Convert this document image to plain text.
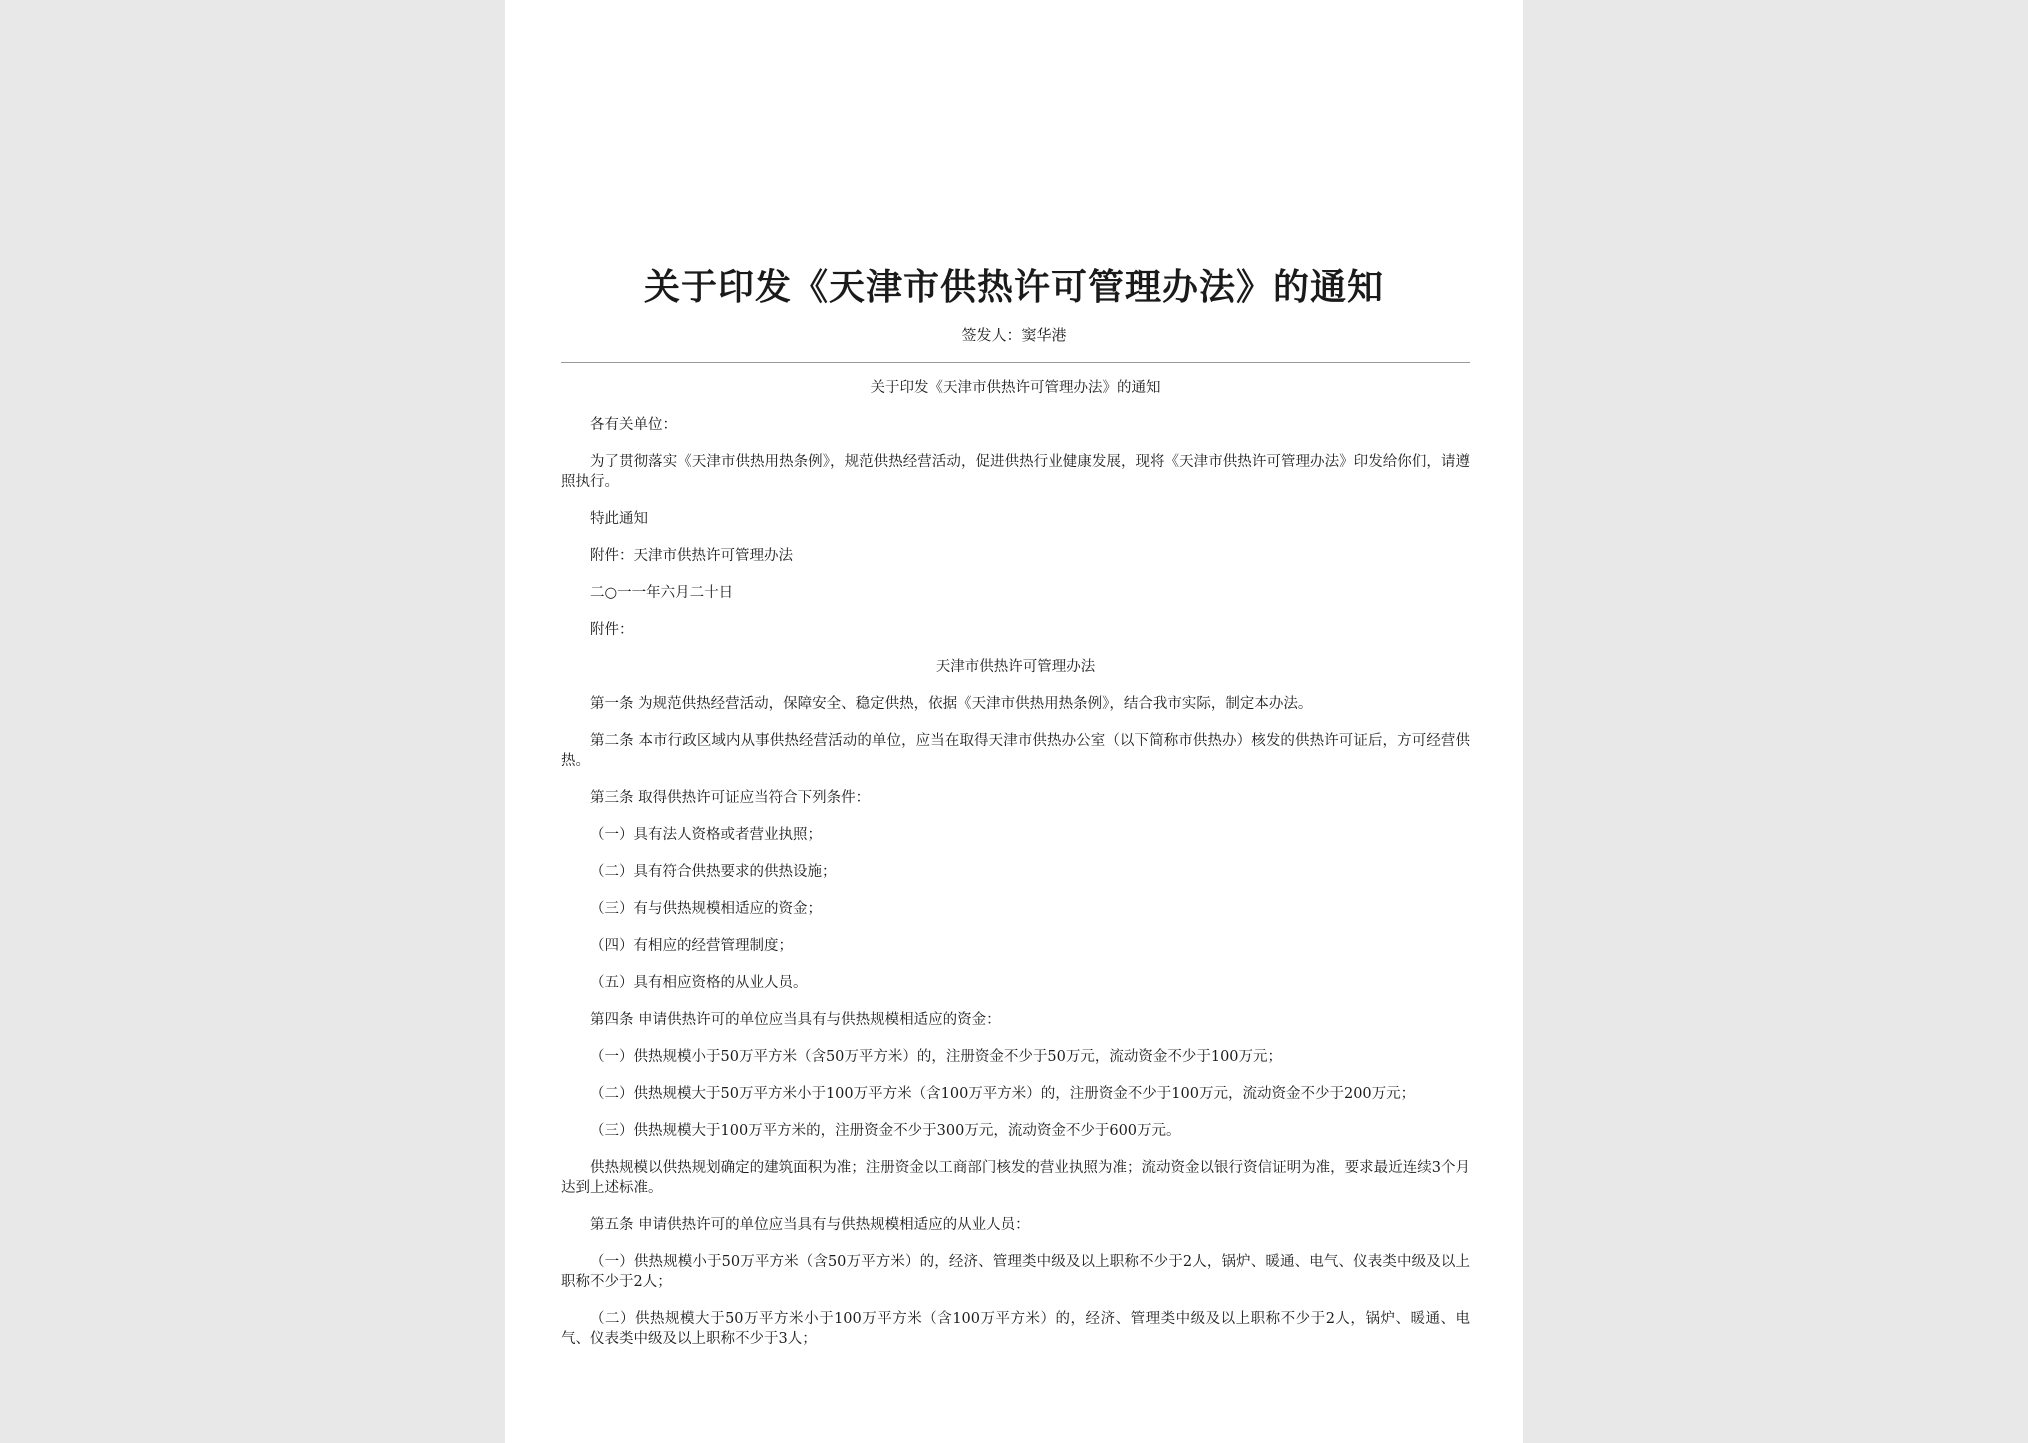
关于印发《天津市供热许可管理办法》的通知
签发人：窦华港

关于印发《天津市供热许可管理办法》的通知

各有关单位：

为了贯彻落实《天津市供热用热条例》，规范供热经营活动，促进供热行业健康发展，现将《天津市供热许可管理办法》印发给你们，请遵照执行。

特此通知

附件：天津市供热许可管理办法

二○一一年六月二十日

附件：

天津市供热许可管理办法

第一条 为规范供热经营活动，保障安全、稳定供热，依据《天津市供热用热条例》，结合我市实际，制定本办法。

第二条 本市行政区域内从事供热经营活动的单位，应当在取得天津市供热办公室（以下简称市供热办）核发的供热许可证后，方可经营供热。

第三条 取得供热许可证应当符合下列条件：

（一）具有法人资格或者营业执照；

（二）具有符合供热要求的供热设施；

（三）有与供热规模相适应的资金；

（四）有相应的经营管理制度；

（五）具有相应资格的从业人员。

第四条 申请供热许可的单位应当具有与供热规模相适应的资金：

（一）供热规模小于50万平方米（含50万平方米）的，注册资金不少于50万元，流动资金不少于100万元；

（二）供热规模大于50万平方米小于100万平方米（含100万平方米）的，注册资金不少于100万元，流动资金不少于200万元；

（三）供热规模大于100万平方米的，注册资金不少于300万元，流动资金不少于600万元。

供热规模以供热规划确定的建筑面积为准；注册资金以工商部门核发的营业执照为准；流动资金以银行资信证明为准，要求最近连续3个月达到上述标准。

第五条 申请供热许可的单位应当具有与供热规模相适应的从业人员：

（一）供热规模小于50万平方米（含50万平方米）的，经济、管理类中级及以上职称不少于2人，锅炉、暖通、电气、仪表类中级及以上职称不少于2人；

（二）供热规模大于50万平方米小于100万平方米（含100万平方米）的，经济、管理类中级及以上职称不少于2人，锅炉、暖通、电气、仪表类中级及以上职称不少于3人；
